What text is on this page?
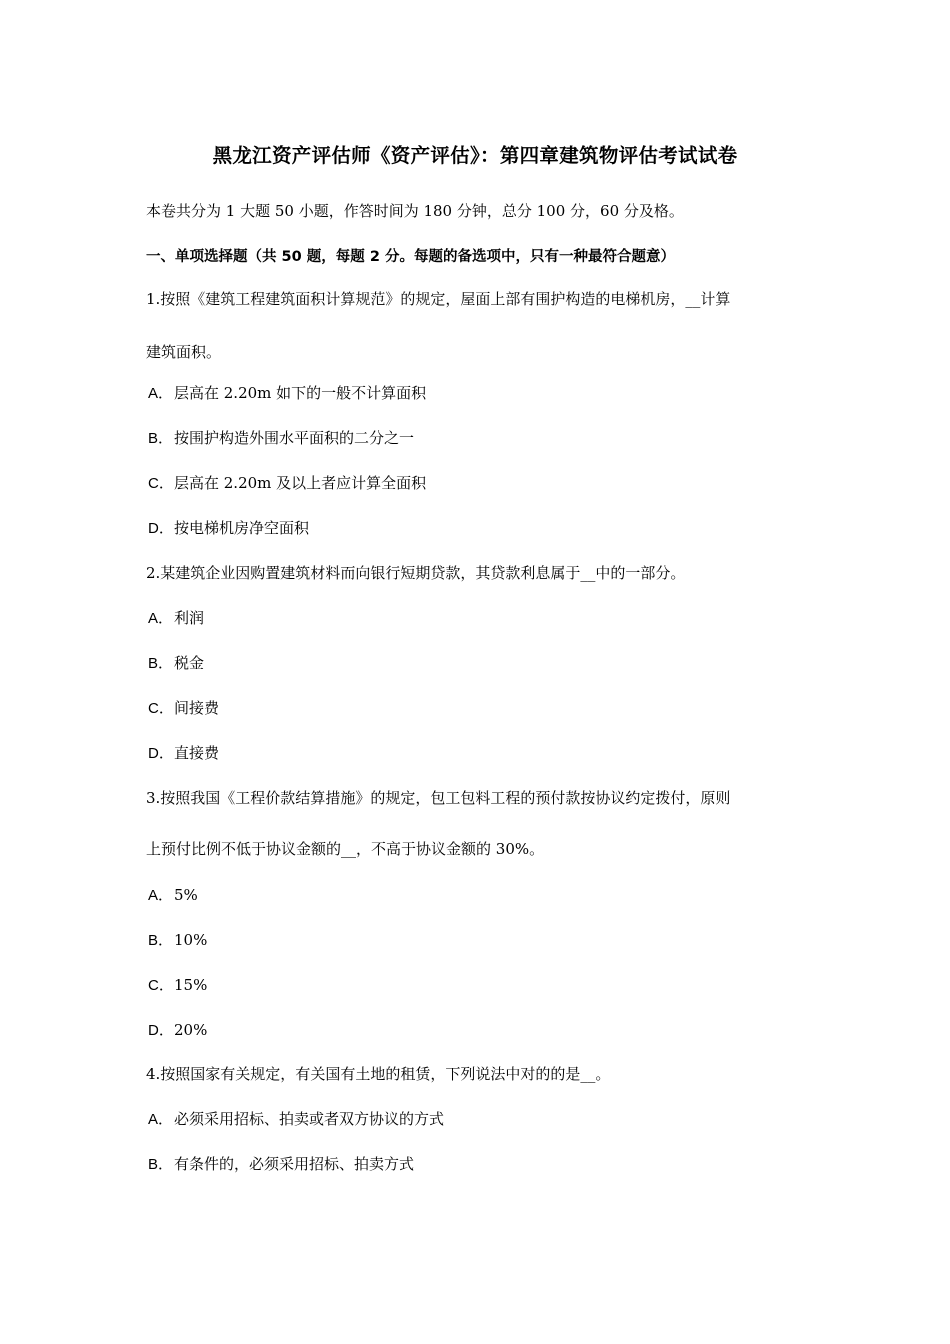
黑龙江资产评估师《资产评估》：第四章建筑物评估考试试卷
本卷共分为 1 大题 50 小题，作答时间为 180 分钟，总分 100 分，60 分及格。
一、单项选择题（共 50 题，每题 2 分。每题的备选项中，只有一种最符合题意）
1.按照《建筑工程建筑面积计算规范》的规定，屋面上部有围护构造的电梯机房，__计算
建筑面积。
A．层高在 2.20m 如下的一般不计算面积
B．按围护构造外围水平面积的二分之一
C．层高在 2.20m 及以上者应计算全面积
D．按电梯机房净空面积
2.某建筑企业因购置建筑材料而向银行短期贷款，其贷款利息属于__中的一部分。
A．利润
B．税金
C．间接费
D．直接费
3.按照我国《工程价款结算措施》的规定，包工包料工程的预付款按协议约定拨付，原则
上预付比例不低于协议金额的__，不高于协议金额的 30%。
A．5%
B．10%
C．15%
D．20%
4.按照国家有关规定，有关国有土地的租赁，下列说法中对的的是__。
A．必须采用招标、拍卖或者双方协议的方式
B．有条件的，必须采用招标、拍卖方式
